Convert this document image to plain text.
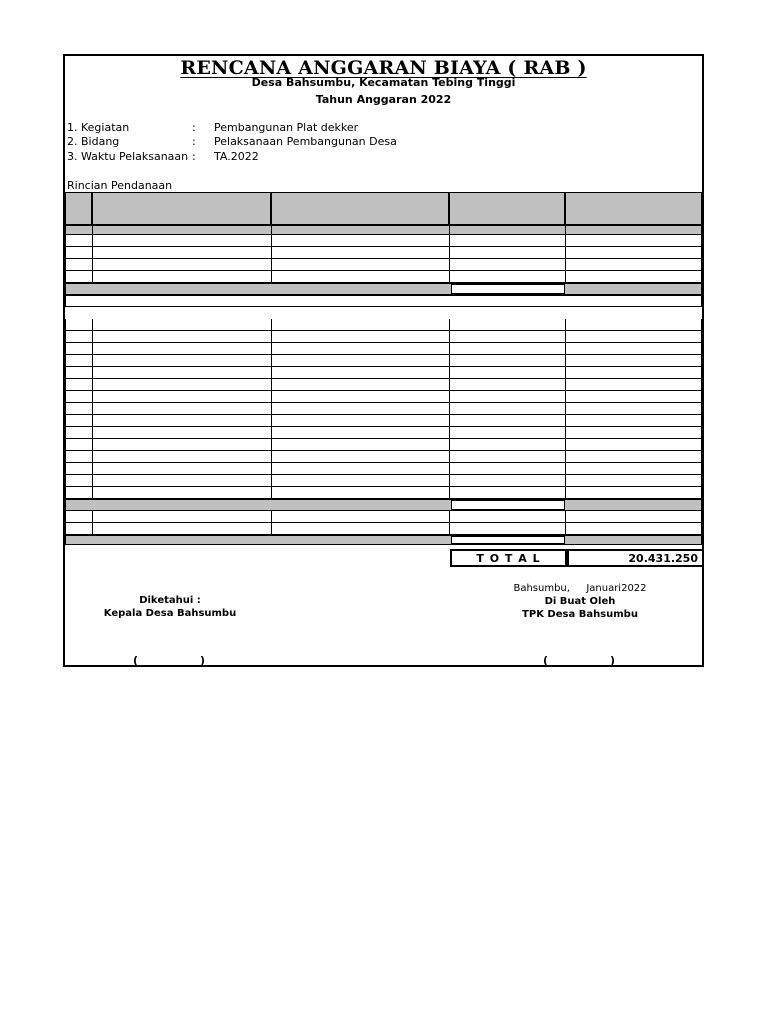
RENCANA ANGGARAN BIAYA ( RAB )
Desa Bahsumbu, Kecamatan Tebing Tinggi
Tahun Anggaran 2022
1. Kegiatan	: Pembangunan Plat dekker
2. Bidang	: Pelaksanaan Pembangunan Desa
3. Waktu Pelaksanaan : TA.2022
Rincian Pendanaan
T O T A L	20.431.250
Diketahui :
Kepala Desa Bahsumbu
Bahsumbu, Januari2022
Di Buat Oleh
TPK Desa Bahsumbu
(	)	(	)
